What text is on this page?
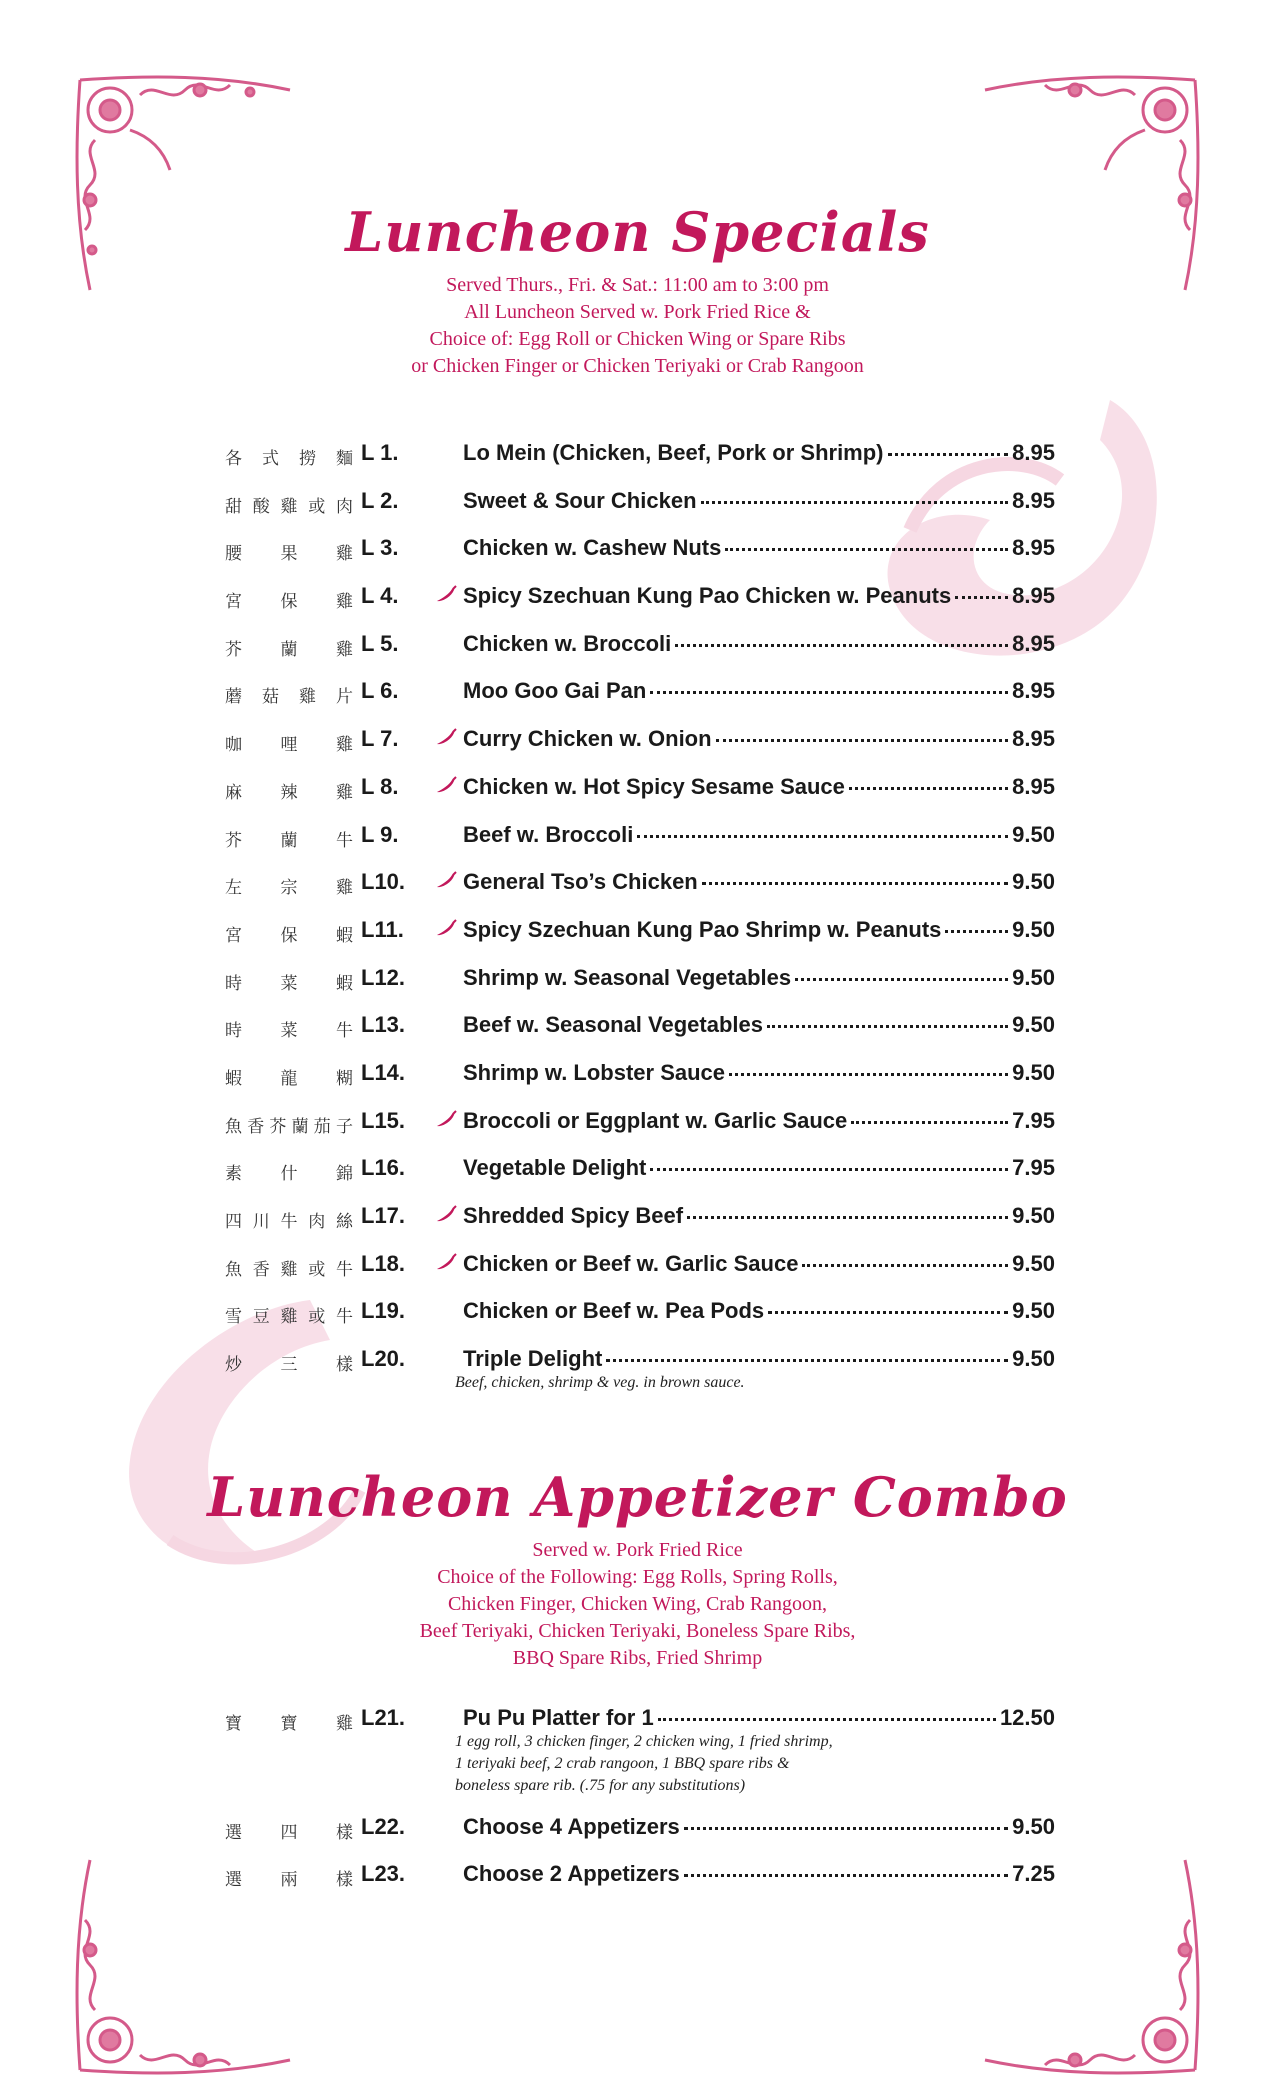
Luncheon Specials
Served Thurs., Fri. & Sat.: 11:00 am to 3:00 pm
All Luncheon Served w. Pork Fried Rice &
Choice of: Egg Roll or Chicken Wing or Spare Ribs
or Chicken Finger or Chicken Teriyaki or Crab Rangoon
各 式 撈 麵 L 1.	Lo Mein (Chicken, Beef, Pork or Shrimp)	8.95
甜 酸 雞 或 肉 L 2.	Sweet & Sour Chicken	8.95
腰 果 雞 L 3.	Chicken w. Cashew Nuts	8.95
宮 保 雞 L 4.	Spicy Szechuan Kung Pao Chicken w. Peanuts	8.95
芥 蘭 雞 L 5.	Chicken w. Broccoli	8.95
蘑 菇 雞 片 L 6.	Moo Goo Gai Pan	8.95
咖 哩 雞 L 7.	Curry Chicken w. Onion	8.95
麻 辣 雞 L 8.	Chicken w. Hot Spicy Sesame Sauce	8.95
芥 蘭 牛 L 9.	Beef w. Broccoli	9.50
左 宗 雞 L10.	General Tso’s Chicken	9.50
宮 保 蝦 L11.	Spicy Szechuan Kung Pao Shrimp w. Peanuts	9.50
時 菜 蝦 L12.	Shrimp w. Seasonal Vegetables	9.50
時 菜 牛 L13.	Beef w. Seasonal Vegetables	9.50
蝦 龍 糊 L14.	Shrimp w. Lobster Sauce	9.50
魚 香 芥 蘭 茄 子 L15.	Broccoli or Eggplant w. Garlic Sauce	7.95
素 什 錦 L16.	Vegetable Delight	7.95
四 川 牛 肉 絲 L17.	Shredded Spicy Beef	9.50
魚 香 雞 或 牛 L18.	Chicken or Beef w. Garlic Sauce	9.50
雪 豆 雞 或 牛 L19.	Chicken or Beef w. Pea Pods	9.50
炒 三 樣 L20.	Triple Delight	9.50
Beef, chicken, shrimp & veg. in brown sauce.
Luncheon Appetizer Combo
Served w. Pork Fried Rice
Choice of the Following: Egg Rolls, Spring Rolls,
Chicken Finger, Chicken Wing, Crab Rangoon,
Beef Teriyaki, Chicken Teriyaki, Boneless Spare Ribs,
BBQ Spare Ribs, Fried Shrimp
寶 寶 雞 L21.	Pu Pu Platter for 1	12.50
1 egg roll, 3 chicken finger, 2 chicken wing, 1 fried shrimp,
1 teriyaki beef, 2 crab rangoon, 1 BBQ spare ribs &
boneless spare rib. (.75 for any substitutions)
選 四 樣 L22.	Choose 4 Appetizers	9.50
選 兩 樣 L23.	Choose 2 Appetizers	7.25
